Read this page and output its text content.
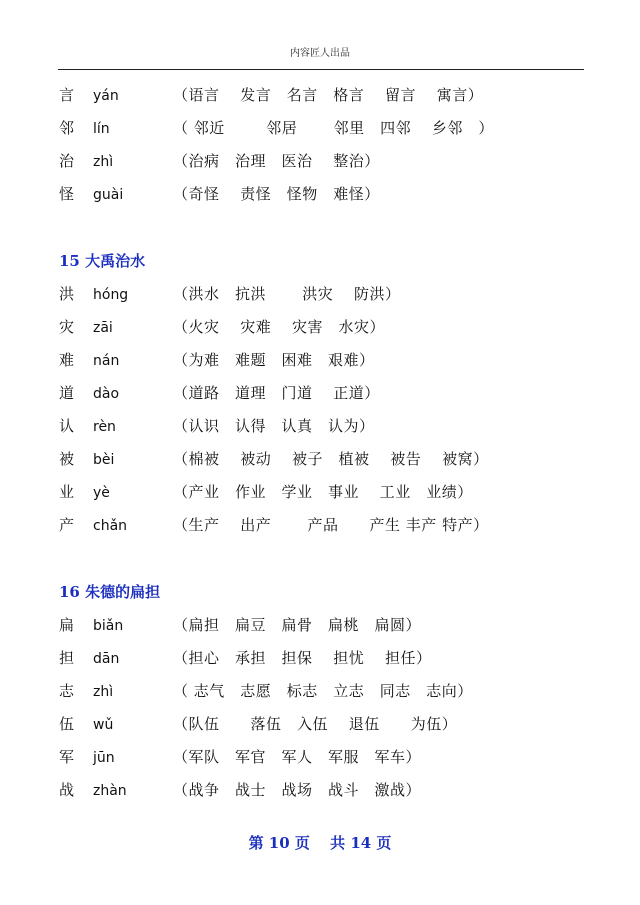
内容匠人出品
言 yán	（语言　 发言　名言　格言　 留言　 寓言）
邻 lín	（ 邻近　 　 邻居　　 邻里　四邻　 乡邻　）
治 zhì	（治病　治理　医治　 整治）
怪 guài	（奇怪　 责怪　怪物　难怪）
15 大禹治水
洪 hóng	（洪水　抗洪　　 洪灾　 防洪）
灾 zāi	（火灾　 灾难　 灾害　水灾）
难 nán	（为难　难题　困难　艰难）
道 dào	（道路　道理　门道　 正道）
认 rèn	（认识　认得　认真　认为）
被 bèi	（棉被　 被动　 被子　植被　 被告　 被窝）
业 yè	（产业　作业　学业　事业　 工业　业绩）
产 chǎn	（生产　 出产　　 产品　　产生 丰产 特产）
16 朱德的扁担
扁 biǎn	（扁担　扁豆　扁骨　扁桃　扁圆）
担 dān	（担心　承担　担保　 担忧　 担任）
志 zhì	（ 志气　志愿　标志　立志　同志　志向）
伍 wǔ	（队伍　　落伍　入伍　 退伍　　为伍）
军 jūn	（军队　军官　军人　军服　军车）
战 zhàn	（战争　战士　战场　战斗　激战）
第 10 页　 共 14 页
